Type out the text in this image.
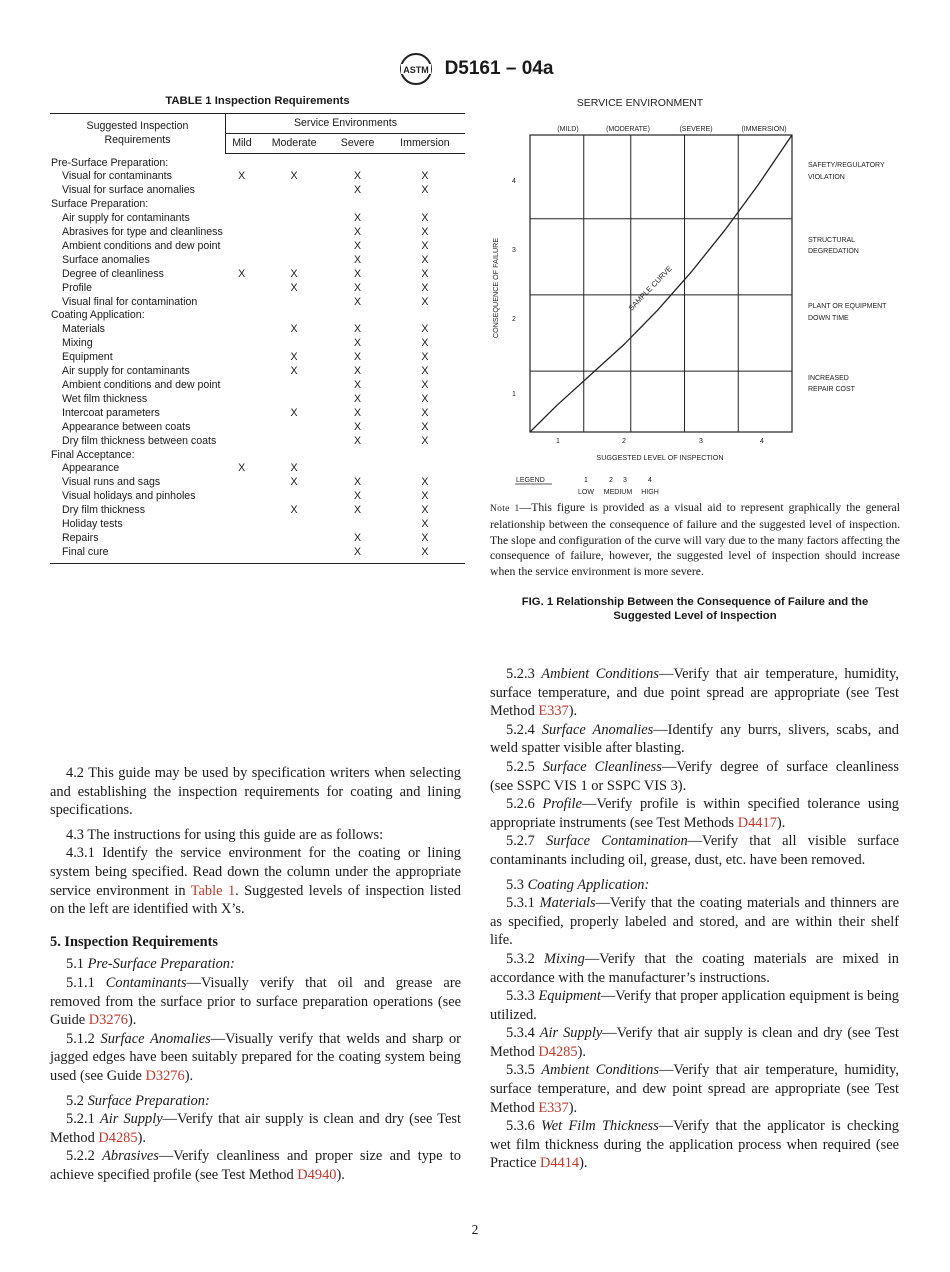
ASTM D5161 – 04a
TABLE 1 Inspection Requirements
Suggested Inspection
Requirements	Service Environments			
	Mild	Moderate	Severe	Immersion
Pre-Surface Preparation:				

Visual for contaminants	X	X	X	X

Visual for surface anomalies			X	X
Surface Preparation:				

Air supply for contaminants			X	X

Abrasives for type and cleanliness			X	X

Ambient conditions and dew point			X	X

Surface anomalies			X	X

Degree of cleanliness	X	X	X	X

Profile		X	X	X

Visual final for contamination			X	X
Coating Application:				

Materials		X	X	X

Mixing			X	X

Equipment		X	X	X

Air supply for contaminants		X	X	X

Ambient conditions and dew point			X	X

Wet film thickness			X	X

Intercoat parameters		X	X	X

Appearance between coats			X	X

Dry film thickness between coats			X	X
Final Acceptance:				

Appearance	X	X		

Visual runs and sags		X	X	X

Visual holidays and pinholes			X	X

Dry film thickness		X	X	X

Holiday tests				X

Repairs			X	X

Final cure			X	X
SERVICE ENVIRONMENT
(MILD)	(MODERATE)	(SEVERE)	(IMMERSION)
CONSEQUENCE OF FAILURE
4
3
2
1
1	2	3	4
SUGGESTED LEVEL OF INSPECTION
SAFETY/REGULATORY
VIOLATION
STRUCTURAL
DEGREDATION
PLANT OR EQUIPMENT
DOWN TIME
INCREASED
REPAIR COST
SAMPLE CURVE
LEGEND	1	2 3	4
LOW MEDIUM HIGH
Note 1—This figure is provided as a visual aid to represent graphically the general relationship between the consequence of failure and the suggested level of inspection. The slope and configuration of the curve will vary due to the many factors affecting the consequence of failure, however, the suggested level of inspection should increase when the service environment is more severe.
FIG. 1 Relationship Between the Consequence of Failure and the
Suggested Level of Inspection

4.2 This guide may be used by specification writers when selecting and establishing the inspection requirements for coating and lining specifications.

4.3 The instructions for using this guide are as follows:

4.3.1 Identify the service environment for the coating or lining system being specified. Read down the column under the appropriate service environment in Table 1. Suggested levels of inspection listed on the left are identified with X’s.

5. Inspection Requirements

5.1 Pre-Surface Preparation:

5.1.1 Contaminants—Visually verify that oil and grease are removed from the surface prior to surface preparation operations (see Guide D3276).

5.1.2 Surface Anomalies—Visually verify that welds and sharp or jagged edges have been suitably prepared for the coating system being used (see Guide D3276).

5.2 Surface Preparation:

5.2.1 Air Supply—Verify that air supply is clean and dry (see Test Method D4285).

5.2.2 Abrasives—Verify cleanliness and proper size and type to achieve specified profile (see Test Method D4940).

5.2.3 Ambient Conditions—Verify that air temperature, humidity, surface temperature, and due point spread are appropriate (see Test Method E337).

5.2.4 Surface Anomalies—Identify any burrs, slivers, scabs, and weld spatter visible after blasting.

5.2.5 Surface Cleanliness—Verify degree of surface cleanliness (see SSPC VIS 1 or SSPC VIS 3).

5.2.6 Profile—Verify profile is within specified tolerance using appropriate instruments (see Test Methods D4417).

5.2.7 Surface Contamination—Verify that all visible surface contaminants including oil, grease, dust, etc. have been removed.

5.3 Coating Application:

5.3.1 Materials—Verify that the coating materials and thinners are as specified, properly labeled and stored, and are within their shelf life.

5.3.2 Mixing—Verify that the coating materials are mixed in accordance with the manufacturer’s instructions.

5.3.3 Equipment—Verify that proper application equipment is being utilized.

5.3.4 Air Supply—Verify that air supply is clean and dry (see Test Method D4285).

5.3.5 Ambient Conditions—Verify that air temperature, humidity, surface temperature, and dew point spread are appropriate (see Test Method E337).

5.3.6 Wet Film Thickness—Verify that the applicator is checking wet film thickness during the application process when required (see Practice D4414).

2
